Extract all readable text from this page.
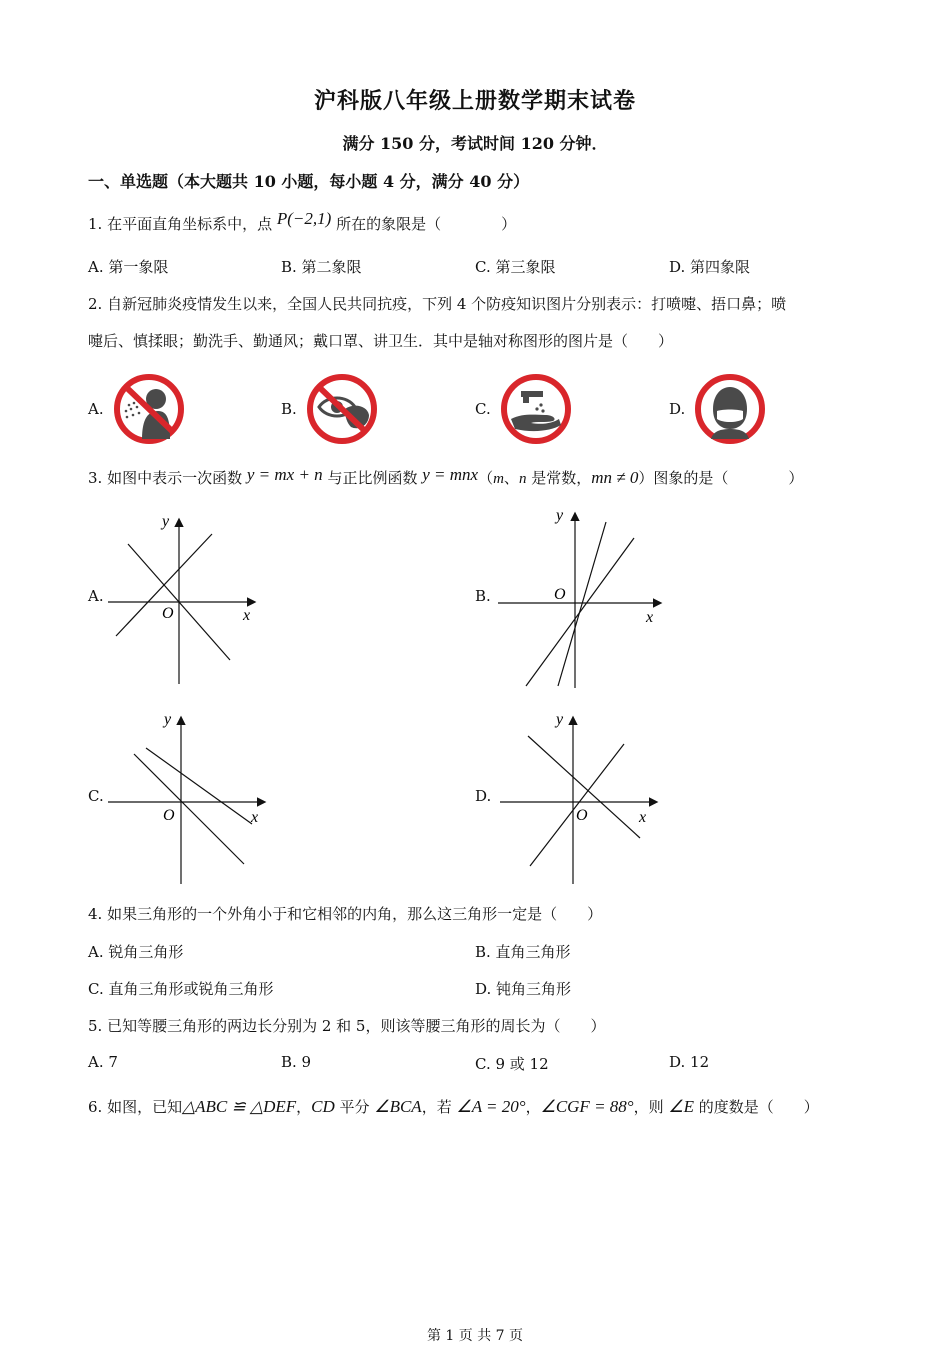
沪科版八年级上册数学期末试卷
满分 150 分，考试时间 120 分钟．
一、单选题（本大题共 10 小题，每小题 4 分，满分 40 分）
1. 在平面直角坐标系中，点 P(−2,1) 所在的象限是（　　　　）
A. 第一象限	B. 第二象限	C. 第三象限	D. 第四象限
2. 自新冠肺炎疫情发生以来，全国人民共同抗疫，下列 4 个防疫知识图片分别表示：打喷嚏、捂口鼻；喷
嚏后、慎揉眼；勤洗手、勤通风；戴口罩、讲卫生．其中是轴对称图形的图片是（　　）
A.	B.	C.	D.
3. 如图中表示一次函数 y = mx + n 与正比例函数 y = mnx（m、n 是常数，mn ≠ 0）图象的是（　　　　）
A.
y
x
O
B.
y
x
O
C.
y
x
O
D.
y
x
O
4. 如果三角形的一个外角小于和它相邻的内角，那么这三角形一定是（　　）
A. 锐角三角形	B. 直角三角形
C. 直角三角形或锐角三角形	D. 钝角三角形
5. 已知等腰三角形的两边长分别为 2 和 5，则该等腰三角形的周长为（　　）
A. 7	B. 9	C. 9 或 12	D. 12
6. 如图，已知△ABC ≌ △DEF，CD 平分 ∠BCA，若 ∠A = 20°，∠CGF = 88°，则 ∠E 的度数是（　　）
第 1 页 共 7 页
